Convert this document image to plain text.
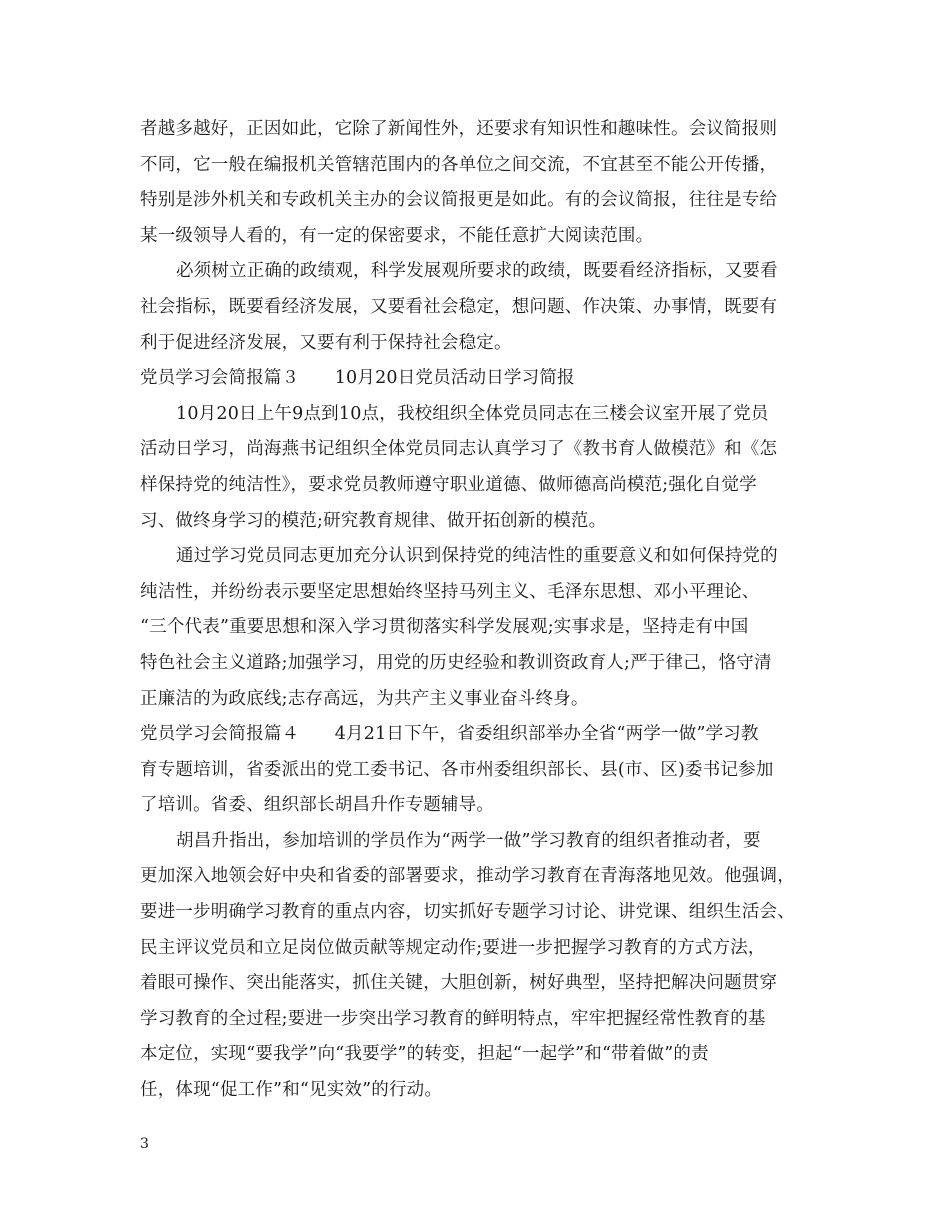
者越多越好，正因如此，它除了新闻性外，还要求有知识性和趣味性。会议简报则
不同，它一般在编报机关管辖范围内的各单位之间交流，不宜甚至不能公开传播，
特别是涉外机关和专政机关主办的会议简报更是如此。有的会议简报，往往是专给
某一级领导人看的，有一定的保密要求，不能任意扩大阅读范围。
必须树立正确的政绩观，科学发展观所要求的政绩，既要看经济指标，又要看
社会指标，既要看经济发展，又要看社会稳定，想问题、作决策、办事情，既要有
利于促进经济发展，又要有利于保持社会稳定。
党员学习会简报篇３　　10月20日党员活动日学习简报
10月20日上午9点到10点，我校组织全体党员同志在三楼会议室开展了党员
活动日学习，尚海燕书记组织全体党员同志认真学习了《教书育人做模范》和《怎
样保持党的纯洁性》，要求党员教师遵守职业道德、做师德高尚模范;强化自觉学
习、做终身学习的模范;研究教育规律、做开拓创新的模范。
通过学习党员同志更加充分认识到保持党的纯洁性的重要意义和如何保持党的
纯洁性，并纷纷表示要坚定思想始终坚持马列主义、毛泽东思想、邓小平理论、
“三个代表”重要思想和深入学习贯彻落实科学发展观;实事求是，坚持走有中国
特色社会主义道路;加强学习，用党的历史经验和教训资政育人;严于律己，恪守清
正廉洁的为政底线;志存高远，为共产主义事业奋斗终身。
党员学习会简报篇４　　4月21日下午，省委组织部举办全省“两学一做”学习教
育专题培训，省委派出的党工委书记、各市州委组织部长、县(市、区)委书记参加
了培训。省委、组织部长胡昌升作专题辅导。
胡昌升指出，参加培训的学员作为“两学一做”学习教育的组织者推动者，要
更加深入地领会好中央和省委的部署要求，推动学习教育在青海落地见效。他强调，
要进一步明确学习教育的重点内容，切实抓好专题学习讨论、讲党课、组织生活会、
民主评议党员和立足岗位做贡献等规定动作;要进一步把握学习教育的方式方法，
着眼可操作、突出能落实，抓住关键，大胆创新，树好典型，坚持把解决问题贯穿
学习教育的全过程;要进一步突出学习教育的鲜明特点，牢牢把握经常性教育的基
本定位，实现“要我学”向“我要学”的转变，担起“一起学”和“带着做”的责
任，体现“促工作”和“见实效”的行动。
3
